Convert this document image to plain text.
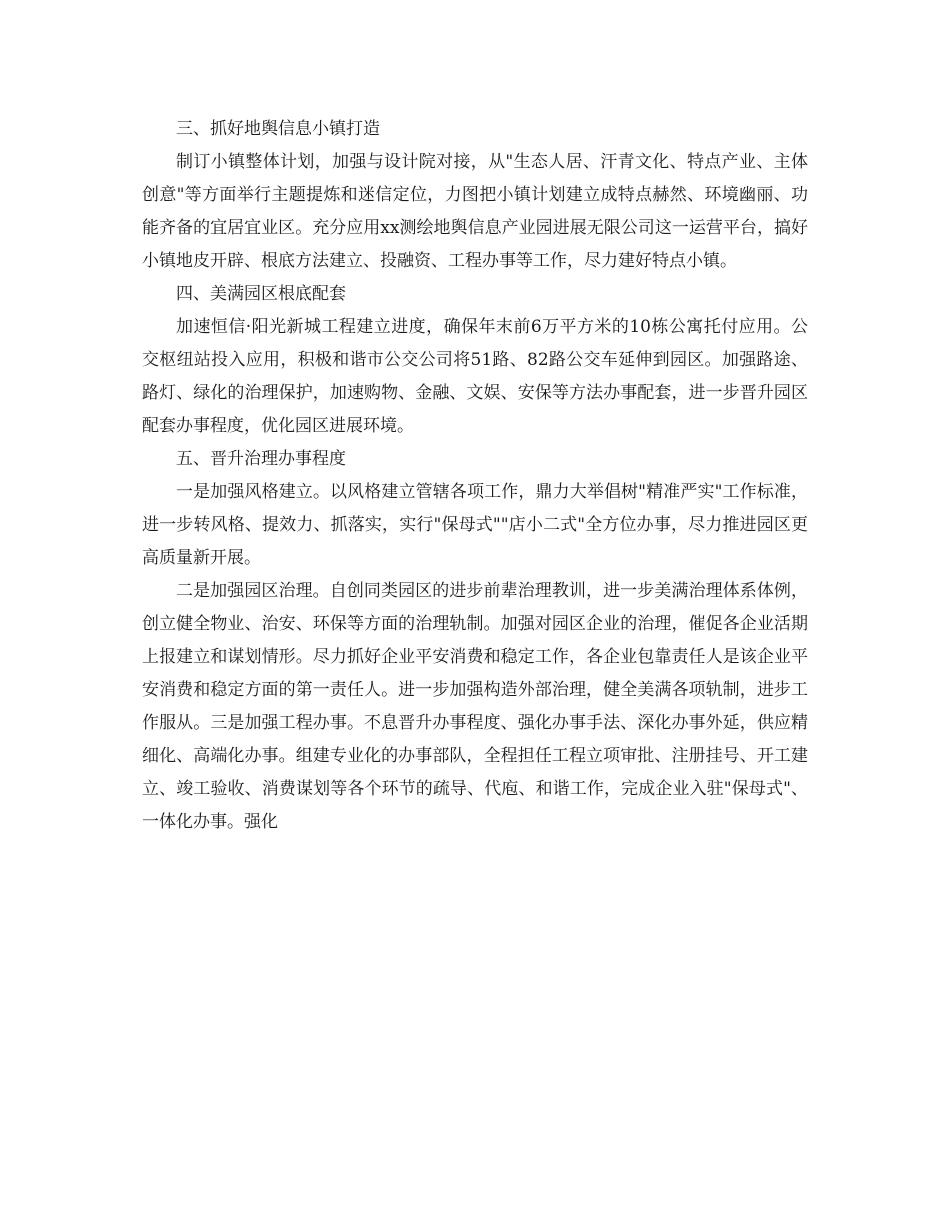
三、抓好地舆信息小镇打造

制订小镇整体计划，加强与设计院对接，从"生态人居、汗青文化、特点产业、主体创意"等方面举行主题提炼和迷信定位，力图把小镇计划建立成特点赫然、环境幽丽、功能齐备的宜居宜业区。充分应用xx测绘地舆信息产业园进展无限公司这一运营平台，搞好小镇地皮开辟、根底方法建立、投融资、工程办事等工作，尽力建好特点小镇。

四、美满园区根底配套

加速恒信·阳光新城工程建立进度，确保年末前6万平方米的10栋公寓托付应用。公交枢纽站投入应用，积极和谐市公交公司将51路、82路公交车延伸到园区。加强路途、路灯、绿化的治理保护，加速购物、金融、文娱、安保等方法办事配套，进一步晋升园区配套办事程度，优化园区进展环境。

五、晋升治理办事程度

一是加强风格建立。以风格建立管辖各项工作，鼎力大举倡树"精准严实"工作标准，进一步转风格、提效力、抓落实，实行"保母式""店小二式"全方位办事，尽力推进园区更高质量新开展。

二是加强园区治理。自创同类园区的进步前辈治理教训，进一步美满治理体系体例，创立健全物业、治安、环保等方面的治理轨制。加强对园区企业的治理，催促各企业活期上报建立和谋划情形。尽力抓好企业平安消费和稳定工作，各企业包靠责任人是该企业平安消费和稳定方面的第一责任人。进一步加强构造外部治理，健全美满各项轨制，进步工作服从。三是加强工程办事。不息晋升办事程度、强化办事手法、深化办事外延，供应精细化、高端化办事。组建专业化的办事部队，全程担任工程立项审批、注册挂号、开工建立、竣工验收、消费谋划等各个环节的疏导、代庖、和谐工作，完成企业入驻"保母式"、一体化办事。强化
